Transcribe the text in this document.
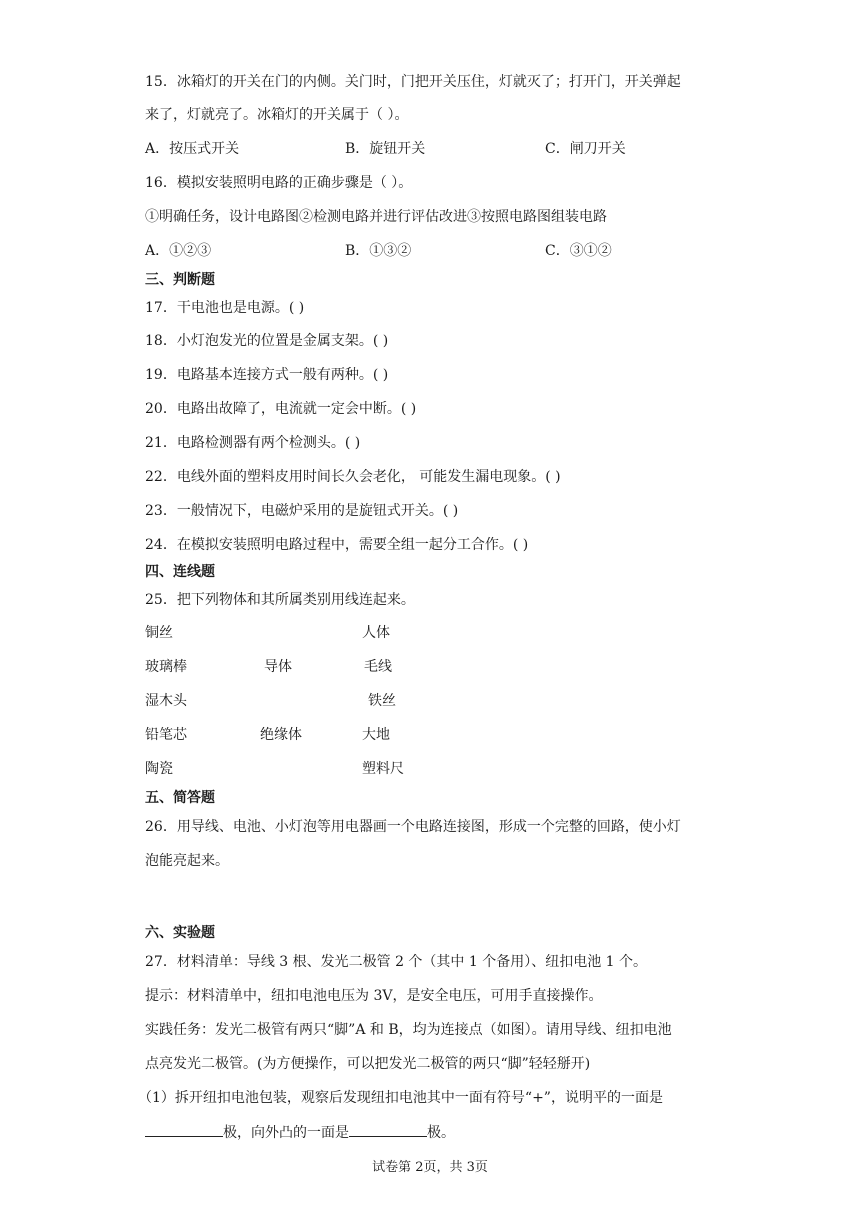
15．冰箱灯的开关在门的内侧。关门时，门把开关压住，灯就灭了；打开门，开关弹起
来了，灯就亮了。冰箱灯的开关属于（ ）。
A．按压式开关	B．旋钮开关	C．闸刀开关
16．模拟安装照明电路的正确步骤是（ ）。
①明确任务，设计电路图②检测电路并进行评估改进③按照电路图组装电路
A．①②③	B．①③②	C．③①②
三、判断题
17．干电池也是电源。( )
18．小灯泡发光的位置是金属支架。( )
19．电路基本连接方式一般有两种。( )
20．电路出故障了，电流就一定会中断。( )
21．电路检测器有两个检测头。( )
22．电线外面的塑料皮用时间长久会老化， 可能发生漏电现象。( )
23．一般情况下，电磁炉采用的是旋钮式开关。( )
24．在模拟安装照明电路过程中，需要全组一起分工合作。( )
四、连线题
25．把下列物体和其所属类别用线连起来。
铜丝
玻璃棒
湿木头
铅笔芯
陶瓷
导体
绝缘体
人体
毛线
铁丝
大地
塑料尺
五、简答题
26．用导线、电池、小灯泡等用电器画一个电路连接图，形成一个完整的回路，使小灯
泡能亮起来。
六、实验题
27．材料清单：导线 3 根、发光二极管 2 个（其中 1 个备用）、纽扣电池 1 个。
提示：材料清单中，纽扣电池电压为 3V，是安全电压，可用手直接操作。
实践任务：发光二极管有两只“脚”A 和 B，均为连接点（如图）。请用导线、纽扣电池
点亮发光二极管。(为方便操作，可以把发光二极管的两只“脚”轻轻掰开)
（1）拆开纽扣电池包装，观察后发现纽扣电池其中一面有符号“+”，说明平的一面是
极，向外凸的一面是	极。
试卷第 2页，共 3页
